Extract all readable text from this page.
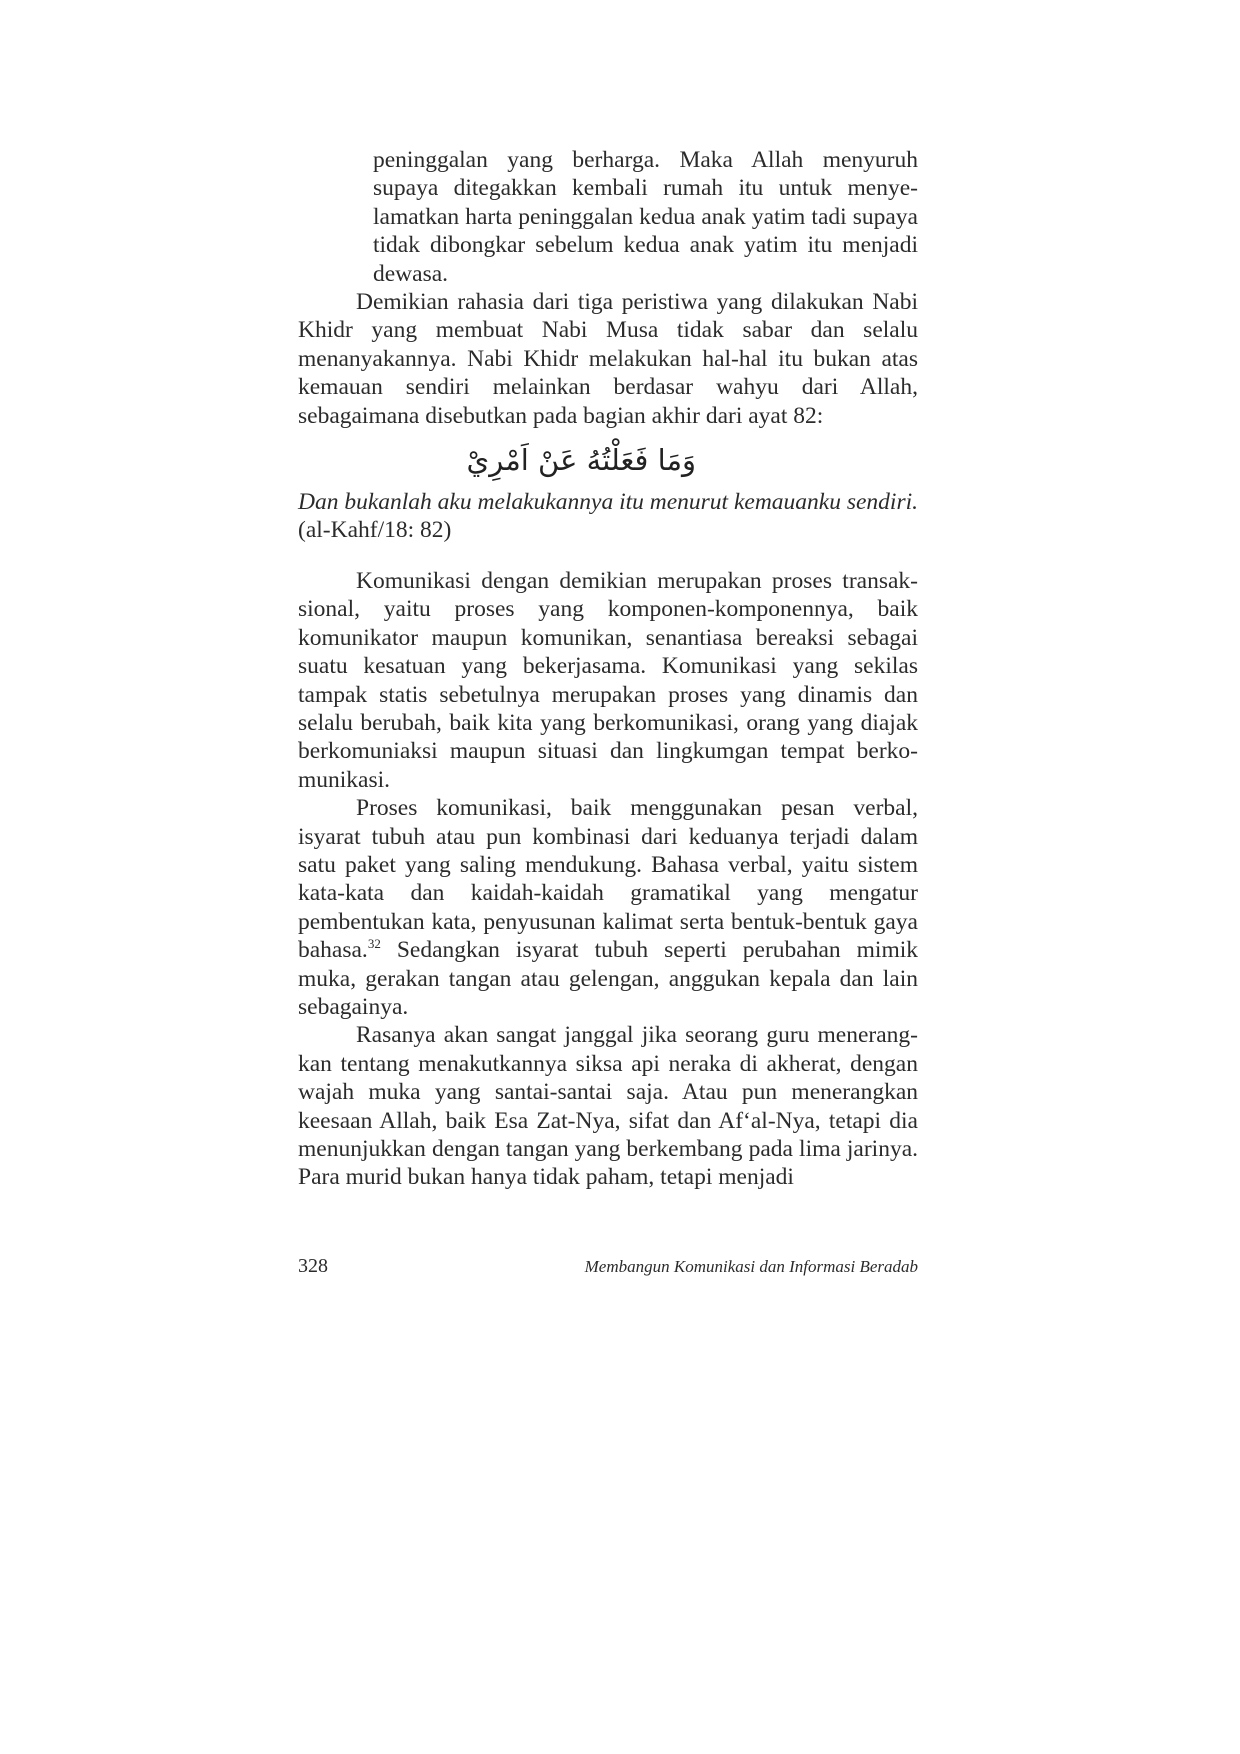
peninggalan yang berharga. Maka Allah menyuruh supaya ditegakkan kembali rumah itu untuk menye-lamatkan harta peninggalan kedua anak yatim tadi supaya tidak dibongkar sebelum kedua anak yatim itu menjadi dewasa.

Demikian rahasia dari tiga peristiwa yang dilakukan Nabi Khidr yang membuat Nabi Musa tidak sabar dan selalu menanyakannya. Nabi Khidr melakukan hal-hal itu bukan atas kemauan sendiri melainkan berdasar wahyu dari Allah, sebagaimana disebutkan pada bagian akhir dari ayat 82:

وَمَا فَعَلْتُهُ عَنْ اَمْرِيْ

Dan bukanlah aku melakukannya itu menurut kemauanku sendiri. (al-Kahf/18: 82)

Komunikasi dengan demikian merupakan proses transak-sional, yaitu proses yang komponen-komponennya, baik komunikator maupun komunikan, senantiasa bereaksi sebagai suatu kesatuan yang bekerjasama. Komunikasi yang sekilas tampak statis sebetulnya merupakan proses yang dinamis dan selalu berubah, baik kita yang berkomunikasi, orang yang diajak berkomuniaksi maupun situasi dan lingkumgan tempat berko-munikasi.

Proses komunikasi, baik menggunakan pesan verbal, isyarat tubuh atau pun kombinasi dari keduanya terjadi dalam satu paket yang saling mendukung. Bahasa verbal, yaitu sistem kata-kata dan kaidah-kaidah gramatikal yang mengatur pembentukan kata, penyusunan kalimat serta bentuk-bentuk gaya bahasa.$^{32}$ Sedangkan isyarat tubuh seperti perubahan mimik muka, gerakan tangan atau gelengan, anggukan kepala dan lain sebagainya.

Rasanya akan sangat janggal jika seorang guru menerang-kan tentang menakutkannya siksa api neraka di akherat, dengan wajah muka yang santai-santai saja. Atau pun menerangkan keesaan Allah, baik Esa Zat-Nya, sifat dan Af‘al-Nya, tetapi dia menunjukkan dengan tangan yang berkembang pada lima jarinya. Para murid bukan hanya tidak paham, tetapi menjadi

328	Membangun Komunikasi dan Informasi Beradab
